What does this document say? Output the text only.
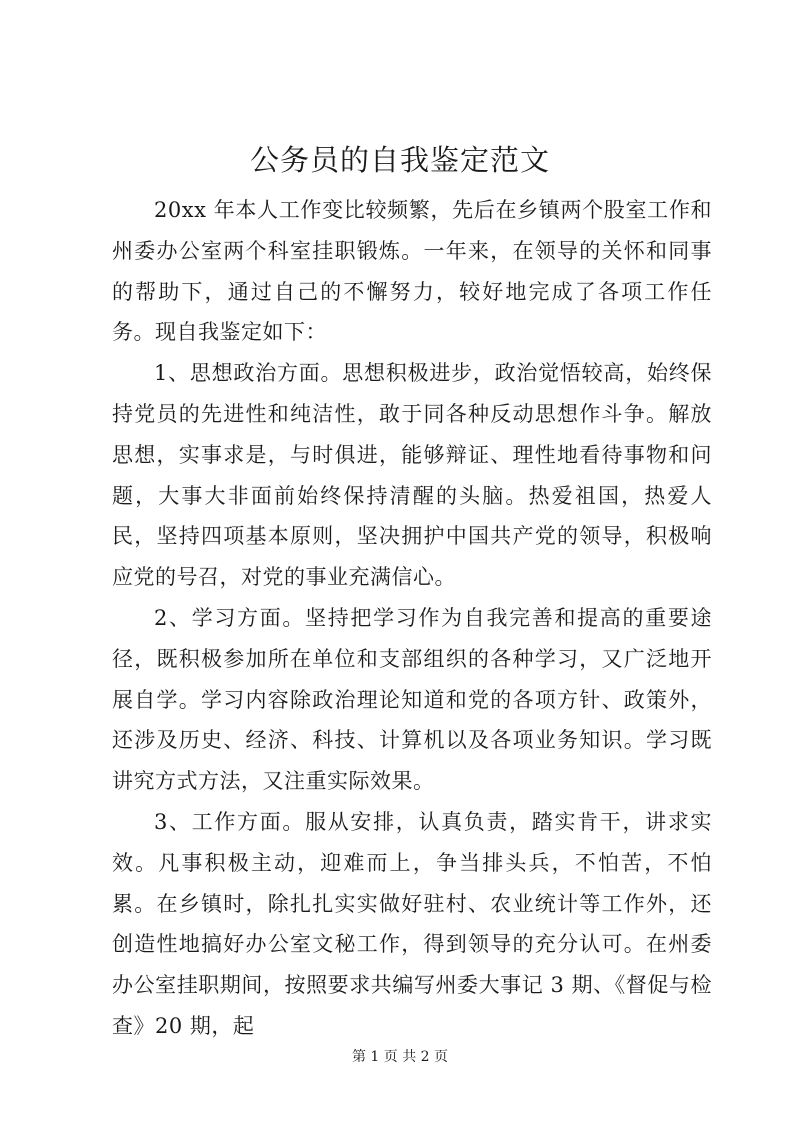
公务员的自我鉴定范文

20xx 年本人工作变比较频繁，先后在乡镇两个股室工作和州委办公室两个科室挂职锻炼。一年来，在领导的关怀和同事的帮助下，通过自己的不懈努力，较好地完成了各项工作任务。现自我鉴定如下：

1、思想政治方面。思想积极进步，政治觉悟较高，始终保持党员的先进性和纯洁性，敢于同各种反动思想作斗争。解放思想，实事求是，与时俱进，能够辩证、理性地看待事物和问题，大事大非面前始终保持清醒的头脑。热爱祖国，热爱人民，坚持四项基本原则，坚决拥护中国共产党的领导，积极响应党的号召，对党的事业充满信心。

2、学习方面。坚持把学习作为自我完善和提高的重要途径，既积极参加所在单位和支部组织的各种学习，又广泛地开展自学。学习内容除政治理论知道和党的各项方针、政策外，还涉及历史、经济、科技、计算机以及各项业务知识。学习既讲究方式方法，又注重实际效果。

3、工作方面。服从安排，认真负责，踏实肯干，讲求实效。凡事积极主动，迎难而上，争当排头兵，不怕苦，不怕累。在乡镇时，除扎扎实实做好驻村、农业统计等工作外，还创造性地搞好办公室文秘工作，得到领导的充分认可。在州委办公室挂职期间，按照要求共编写州委大事记 3 期、《督促与检查》20 期，起

第 1 页 共 2 页
